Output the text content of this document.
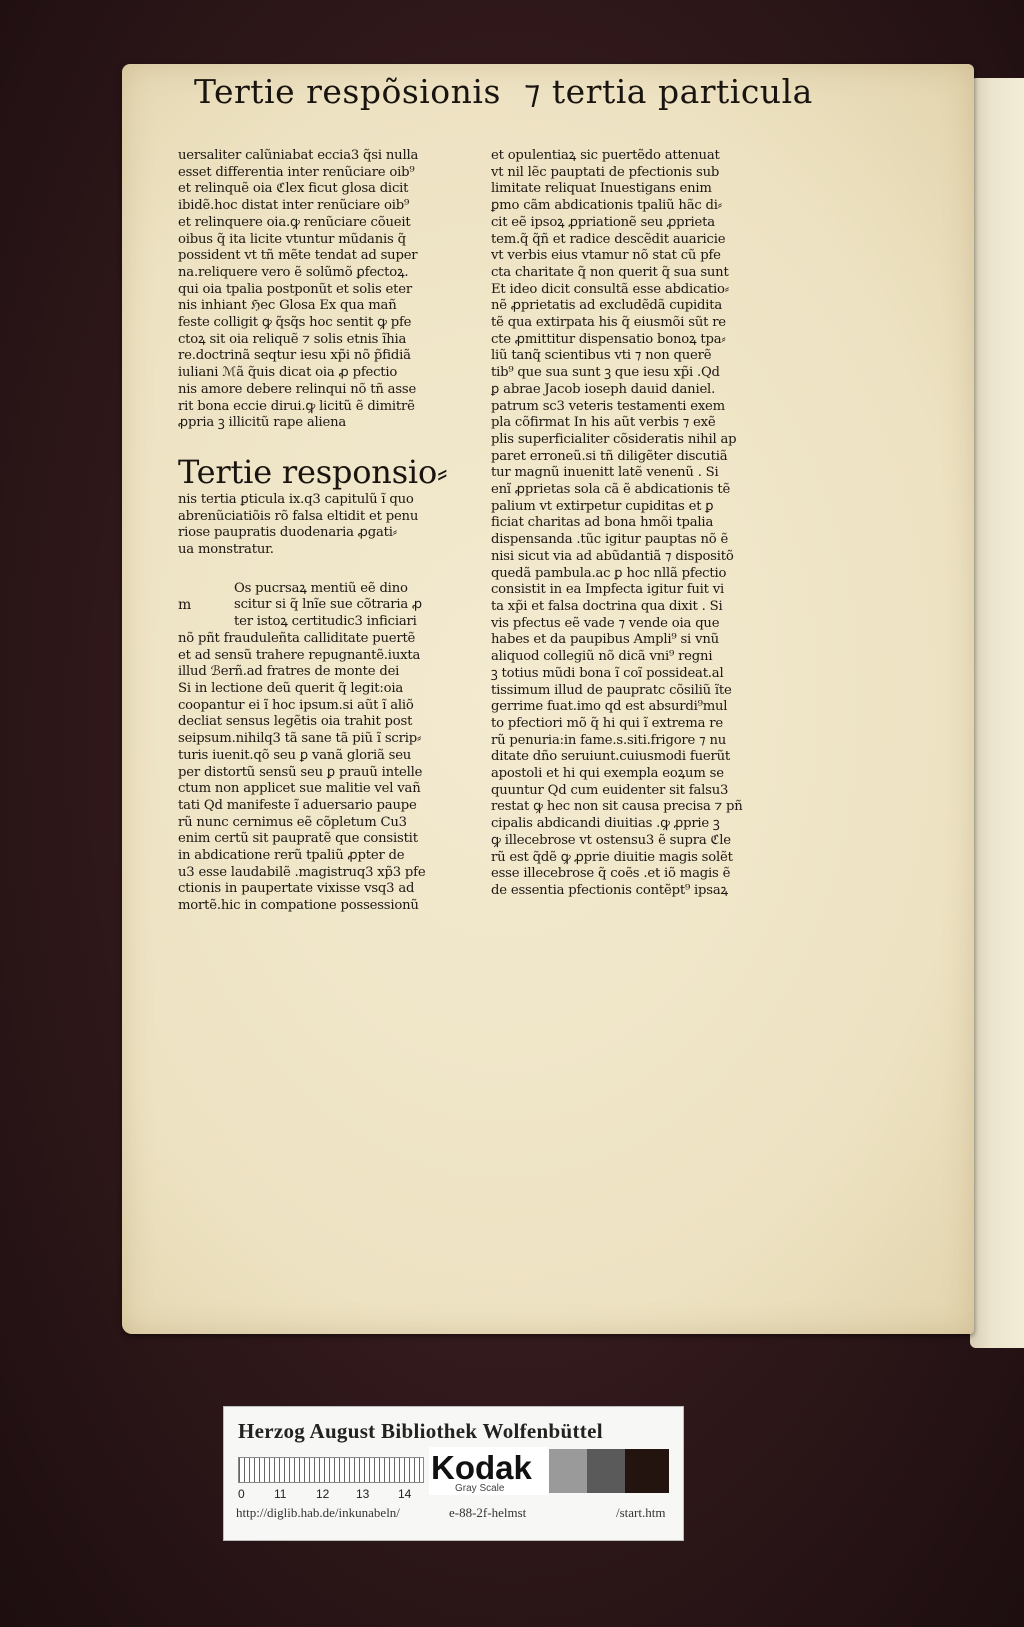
Tertie respõsionis ⁊ tertia particula
uersaliter calũniabaṫ eccia3 q̃si nulla
esset differentia inter renũciare oib⁹
et relinquẽ oia ℭlex ficut glosa dicit
ibidẽ.hoc distat inter renũciare oib⁹
et relinquere oia.ꝙ renũciare cõueit
oibus q̃ ita licite vtuntur mũdanis q̃
possident vt tñ mẽte tendat ad super
na.reliquere vero ẽ solũmõ ꝑfectoꝝ.
qui oia tpalia postponũt et solis eter
nis inhiant ℌec Glosa Ex qua mañ
feste colligiṫ ꝙ q̃sq̃s hoc sentit ꝙ pfe
ctoꝝ sit oia reliquẽ ⁊ solis etnis ĩhia
re.doctrinã seqtur iesu xp̃i nõ p̃fidiã
iuliani ℳã q̃uis dicat oia ꝓ pfectio
nis amore debere relinqui nõ tñ asse
rit bona eccie dirui.ꝙ licitũ ẽ dimitrẽ
ꝓpria ꝫ illicitũ rape aliena
Tertie responsio⸗
nis tertia ꝑticula ix.q3 capitulũ ĩ quo
abrenũciatiõis rõ falsa eltidiṫ et penu
riose paupratis duodenaria ꝓgati⸗
ua monstratur.
Os pucrsaꝝ mentiũ eẽ dino
m	scitur si q̃ lnĩe sue cõtraria ꝓ
ter istoꝝ certitudic3 inficiari
nõ pñt frauduleñta calliditate puertẽ
et ad sensũ trahere repugnantẽ.iuxta
illud ℬerñ.ad fratres de monte dei
Si in lectione deũ querit q̃ legit:oia
coopantur ei ĩ hoc ipsum.si aũt ĩ aliõ
decliat sensus legẽtis oia trahit post
seipsum.nihilq3 tã sane tã piũ ĩ scrip⸗
turis iuenit.qõ seu ꝑ vanã gloriã seu
per distortũ sensũ seu ꝑ prauũ intelle
ctum non applicet sue malitie vel vañ
tati Qd manifeste ĩ aduersario paupe
rũ nunc cernimus eẽ cõpletum Cu3
enim certũ sit paupratẽ que consistit
in abdicatione rerũ tpaliũ ꝓpter de
u3 esse laudabilẽ .magistruq3 xp̃3 pfe
ctionis in paupertate vixisse vsq3 ad
mortẽ.hic in compatione possessionũ
et opulentiaꝝ sic puertẽdo attenuat
vt nil lẽc pauptati de pfectionis sub
limitate reliquat Inuestigans enim
ꝑmo cãm abdicationis tpaliũ hãc di⸗
cit eẽ ipsoꝝ ꝓpriationẽ seu ꝓprieta
tem.q̃ q̃ñ et radice descẽdit auaricie
vt verbis eius vtamur nõ stat cũ pfe
cta charitate q̃ non querit q̃ sua sunt
Et ideo dicit consultã esse abdicatio⸗
nẽ ꝓprietatis ad excludẽdã cupidita
tẽ qua extirpata his q̃ eiusmõi sũt re
cte ꝓmittitur dispensatio bonoꝝ tpa⸗
liũ tanq̃ scientibus vti ⁊ non querẽ
tib⁹ que sua sunt ꝫ que iesu xp̃i .Qd
ꝑ abrae Jacob ioseph dauid daniel.
patrum sc3 veteris testamenti exem
pla cõfirmat In his aũt verbis ⁊ exẽ
plis superficialiter cõsideratis nihil ap
paret erroneũ.si tñ diligẽter discutiã
tur magnũ inuenitṫ latẽ venenũ . Si
enĩ ꝓprietas sola cã ẽ abdicationis tẽ
palium vt extirpetur cupiditas et ꝑ
ficiaṫ charitas ad bona hmõi tpalia
dispensanda .tũc igitur pauptas nõ ẽ
nisi sicut via ad abũdantiã ⁊ dispositõ
quedã pambula.ac ꝑ hoc nllã pfectio
consistit in ea Impfecta igitur fuit vi
ta xp̃i et falsa doctrina qua dixit . Si
vis pfectus eẽ vade ⁊ vende oia que
habes et da paupibus Ampli⁹ si vnũ
aliquod collegiũ nõ dicã vni⁹ regni
ꝫ totius mũdi bona ĩ coĩ possideat.al
tissimum illud de paupratc cõsiliũ ĩte
gerrime fuat.imo qd est absurdi⁹mul
to pfectiori mõ q̃ hi qui ĩ extrema re
rũ penuria:in fame.s.siti.frigore ⁊ nu
ditate dño seruiunt.cuiusmodi fuerũt
apostoli et hi qui exempla eoꝝum se
quuntur Qd cum euidenter sit falsu3
restat ꝙ hec non sit causa precisa ⁊ pñ
cipalis abdicandi diuitias .ꝙ ꝓprie ꝫ
ꝙ illecebrose vt ostensu3 ẽ supra ℭle
rũ est q̃dẽ ꝙ ꝓprie diuitie magis solẽt
esse illecebrose q̃ coẽs .et iõ magis ẽ
de essentia pfectionis contẽpt⁹ ipsaꝝ
Herzog August Bibliothek Wolfenbüttel
0 11 12 13 14
Kodak
Gray Scale
http://diglib.hab.de/inkunabeln/	e-88-2f-helmst	/start.htm
